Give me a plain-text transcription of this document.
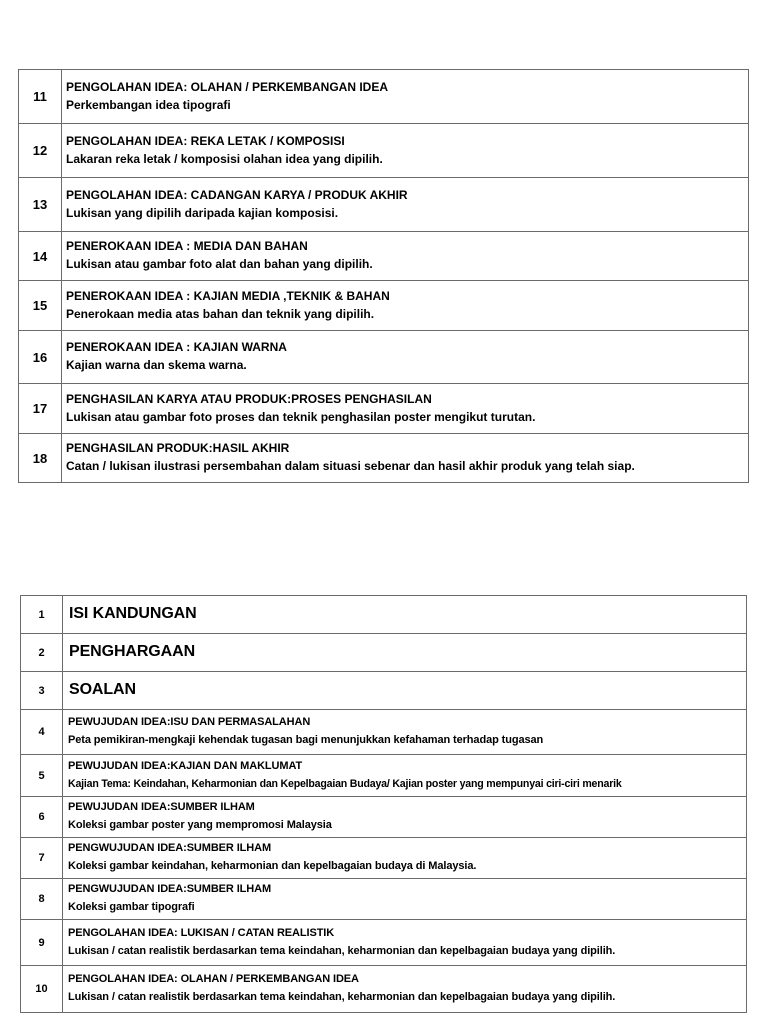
11	PENGOLAHAN IDEA: OLAHAN / PERKEMBANGAN IDEA
Perkembangan idea tipografi

12	PENGOLAHAN IDEA: REKA LETAK / KOMPOSISI
Lakaran reka letak / komposisi olahan idea yang dipilih.

13	PENGOLAHAN IDEA: CADANGAN KARYA / PRODUK AKHIR
Lukisan yang dipilih daripada kajian komposisi.

14	PENEROKAAN IDEA : MEDIA DAN BAHAN
Lukisan atau gambar foto alat dan bahan yang dipilih.

15	PENEROKAAN IDEA : KAJIAN MEDIA ,TEKNIK & BAHAN
Penerokaan media atas bahan dan teknik yang dipilih.

16	PENEROKAAN IDEA : KAJIAN WARNA
Kajian warna dan skema warna.

17	PENGHASILAN KARYA ATAU PRODUK:PROSES PENGHASILAN
Lukisan atau gambar foto proses dan teknik penghasilan poster mengikut turutan.

18	PENGHASILAN PRODUK:HASIL AKHIR
Catan / lukisan ilustrasi persembahan dalam situasi sebenar dan hasil akhir produk yang telah siap.
1	ISI KANDUNGAN

2	PENGHARGAAN

3	SOALAN

4	PEWUJUDAN IDEA:ISU DAN PERMASALAHAN
Peta pemikiran-mengkaji kehendak tugasan bagi menunjukkan kefahaman terhadap tugasan

5	PEWUJUDAN IDEA:KAJIAN DAN MAKLUMAT
Kajian Tema: Keindahan, Keharmonian dan Kepelbagaian Budaya/ Kajian poster yang mempunyai ciri-ciri menarik

6	PEWUJUDAN IDEA:SUMBER ILHAM
Koleksi gambar poster yang mempromosi Malaysia

7	PENGWUJUDAN IDEA:SUMBER ILHAM
Koleksi gambar keindahan, keharmonian dan kepelbagaian budaya di Malaysia.

8	PENGWUJUDAN IDEA:SUMBER ILHAM
Koleksi gambar tipografi

9	PENGOLAHAN IDEA: LUKISAN / CATAN REALISTIK
Lukisan / catan realistik berdasarkan tema keindahan, keharmonian dan kepelbagaian budaya yang dipilih.

10	PENGOLAHAN IDEA: OLAHAN / PERKEMBANGAN IDEA
Lukisan / catan realistik berdasarkan tema keindahan, keharmonian dan kepelbagaian budaya yang dipilih.
